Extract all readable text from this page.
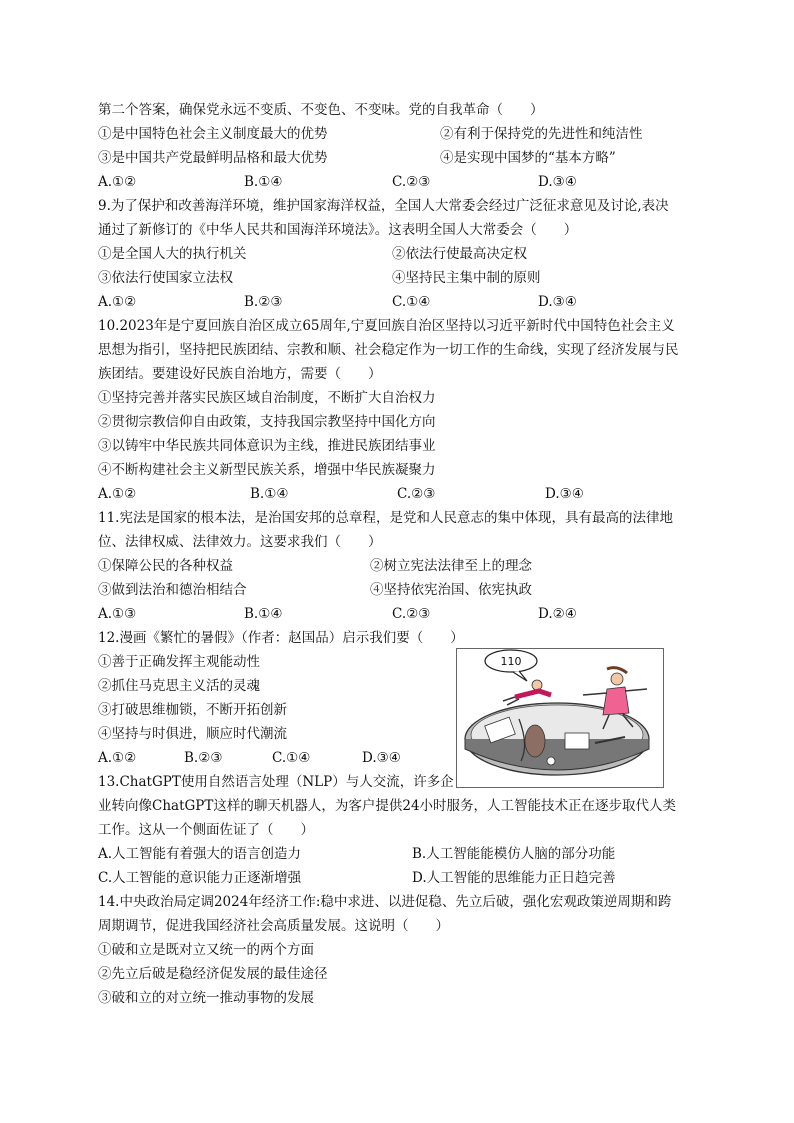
第二个答案，确保党永远不变质、不变色、不变味。党的自我革命（　　）
①是中国特色社会主义制度最大的优势	②有利于保持党的先进性和纯洁性
③是中国共产党最鲜明品格和最大优势	④是实现中国梦的“基本方略”
A.①②	B.①④	C.②③	D.③④
9.为了保护和改善海洋环境，维护国家海洋权益，全国人大常委会经过广泛征求意见及讨论,表决
通过了新修订的《中华人民共和国海洋环境法》。这表明全国人大常委会（　　）
①是全国人大的执行机关	②依法行使最高决定权
③依法行使国家立法权	④坚持民主集中制的原则
A.①②	B.②③	C.①④	D.③④
10.2023年是宁夏回族自治区成立65周年,宁夏回族自治区坚持以习近平新时代中国特色社会主义
思想为指引，坚持把民族团结、宗教和顺、社会稳定作为一切工作的生命线，实现了经济发展与民
族团结。要建设好民族自治地方，需要（　　）
①坚持完善并落实民族区域自治制度，不断扩大自治权力
②贯彻宗教信仰自由政策，支持我国宗教坚持中国化方向
③以铸牢中华民族共同体意识为主线，推进民族团结事业
④不断构建社会主义新型民族关系，增强中华民族凝聚力
A.①②	B.①④	C.②③	D.③④
11.宪法是国家的根本法，是治国安邦的总章程，是党和人民意志的集中体现，具有最高的法律地
位、法律权威、法律效力。这要求我们（　　）
①保障公民的各种权益	②树立宪法法律至上的理念
③做到法治和德治相结合	④坚持依宪治国、依宪执政
A.①③	B.①④	C.②③	D.②④
12.漫画《繁忙的暑假》（作者：赵国品）启示我们要（　　）
①善于正确发挥主观能动性
②抓住马克思主义活的灵魂
③打破思维枷锁，不断开拓创新
④坚持与时俱进，顺应时代潮流
A.①②	B.②③	C.①④	D.③④
110
13.ChatGPT使用自然语言处理（NLP）与人交流，许多企
业转向像ChatGPT这样的聊天机器人，为客户提供24小时服务，人工智能技术正在逐步取代人类
工作。这从一个侧面佐证了（　　）
A.人工智能有着强大的语言创造力	B.人工智能能模仿人脑的部分功能
C.人工智能的意识能力正逐渐增强	D.人工智能的思维能力正日趋完善
14.中央政治局定调2024年经济工作:稳中求进、以进促稳、先立后破，强化宏观政策逆周期和跨
周期调节，促进我国经济社会高质量发展。这说明（　　）
①破和立是既对立又统一的两个方面
②先立后破是稳经济促发展的最佳途径
③破和立的对立统一推动事物的发展
